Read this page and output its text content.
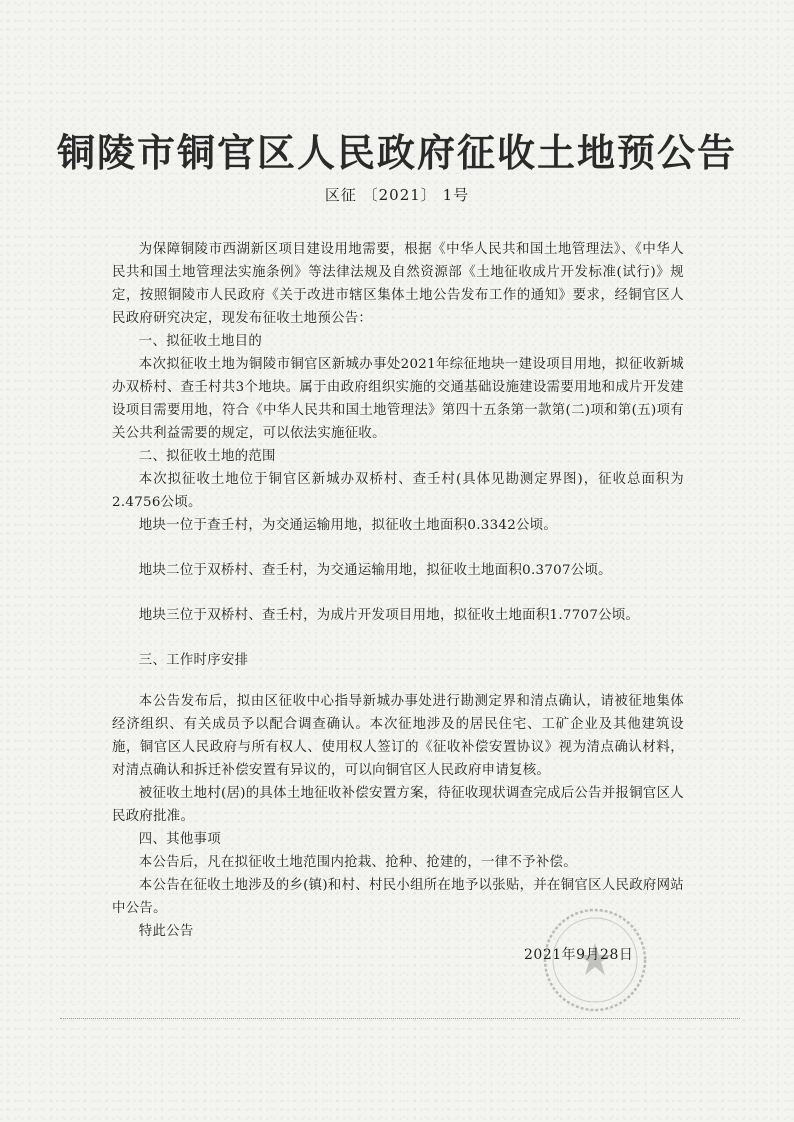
铜陵市铜官区人民政府征收土地预公告
区征 〔2021〕 1号

为保障铜陵市西湖新区项目建设用地需要，根据《中华人民共和国土地管理法》、《中华人民共和国土地管理法实施条例》等法律法规及自然资源部《土地征收成片开发标准(试行)》规定，按照铜陵市人民政府《关于改进市辖区集体土地公告发布工作的通知》要求，经铜官区人民政府研究决定，现发布征收土地预公告：

一、拟征收土地目的

本次拟征收土地为铜陵市铜官区新城办事处2021年综征地块一建设项目用地，拟征收新城办双桥村、查壬村共3个地块。属于由政府组织实施的交通基础设施建设需要用地和成片开发建设项目需要用地，符合《中华人民共和国土地管理法》第四十五条第一款第(二)项和第(五)项有关公共利益需要的规定，可以依法实施征收。

二、拟征收土地的范围

本次拟征收土地位于铜官区新城办双桥村、查壬村(具体见勘测定界图)，征收总面积为2.4756公顷。

地块一位于查壬村，为交通运输用地，拟征收土地面积0.3342公顷。

地块二位于双桥村、查壬村，为交通运输用地，拟征收土地面积0.3707公顷。

地块三位于双桥村、查壬村，为成片开发项目用地，拟征收土地面积1.7707公顷。

三、工作时序安排

本公告发布后，拟由区征收中心指导新城办事处进行勘测定界和清点确认，请被征地集体经济组织、有关成员予以配合调查确认。本次征地涉及的居民住宅、工矿企业及其他建筑设施，铜官区人民政府与所有权人、使用权人签订的《征收补偿安置协议》视为清点确认材料，对清点确认和拆迁补偿安置有异议的，可以向铜官区人民政府申请复核。

被征收土地村(居)的具体土地征收补偿安置方案，待征收现状调查完成后公告并报铜官区人民政府批准。

四、其他事项

本公告后，凡在拟征收土地范围内抢栽、抢种、抢建的，一律不予补偿。

本公告在征收土地涉及的乡(镇)和村、村民小组所在地予以张贴，并在铜官区人民政府网站中公告。

特此公告

2021年9月28日
